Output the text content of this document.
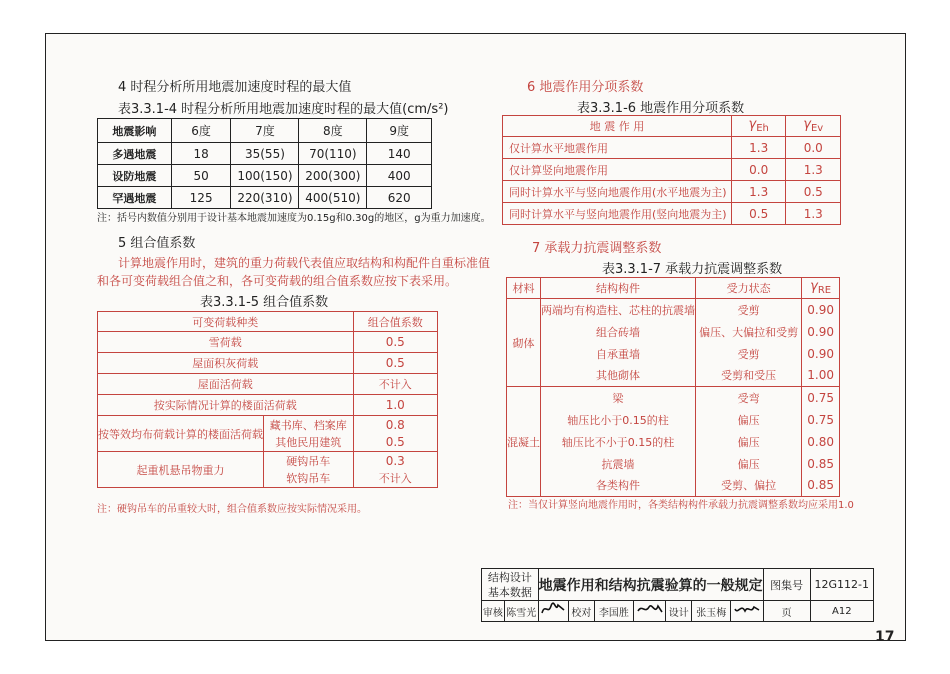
4 时程分析所用地震加速度时程的最大值
表3.3.1-4 时程分析所用地震加速度时程的最大值(cm/s²)
地震影响	6度	7度	8度	9度
多遇地震	18	35(55)	70(110)	140
设防地震	50	100(150)	200(300)	400
罕遇地震	125	220(310)	400(510)	620
注：括号内数值分别用于设计基本地震加速度为0.15g和0.30g的地区，g为重力加速度。
5 组合值系数
计算地震作用时，建筑的重力荷载代表值应取结构和构配件自重标准值
和各可变荷载组合值之和，各可变荷载的组合值系数应按下表采用。
表3.3.1-5 组合值系数
可变荷载种类		组合值系数
雪荷载		0.5
屋面积灰荷载		0.5
屋面活荷载		不计入
按实际情况计算的楼面活荷载		1.0
按等效均布荷载计算的楼面活荷载	藏书库、档案库	0.8
	其他民用建筑	0.5
起重机悬吊物重力	硬钩吊车	0.3
	软钩吊车	不计入
注：硬钩吊车的吊重较大时，组合值系数应按实际情况采用。
6 地震作用分项系数
表3.3.1-6 地震作用分项系数
地 震 作 用	$\gamma_{Eh}$	$\gamma_{Ev}$
仅计算水平地震作用	1.3	0.0
仅计算竖向地震作用	0.0	1.3
同时计算水平与竖向地震作用(水平地震为主)	1.3	0.5
同时计算水平与竖向地震作用(竖向地震为主)	0.5	1.3
7 承载力抗震调整系数
表3.3.1-7 承载力抗震调整系数
材料	结构构件	受力状态	$\gamma_{RE}$
砌体	两端均有构造柱、芯柱的抗震墙	受剪	0.90
	组合砖墙	偏压、大偏拉和受剪	0.90
	自承重墙	受剪	0.90
	其他砌体	受剪和受压	1.00
混凝土	梁	受弯	0.75
	轴压比小于0.15的柱	偏压	0.75
	轴压比不小于0.15的柱	偏压	0.80
	抗震墙	偏压	0.85
	各类构件	受剪、偏拉	0.85
注：当仅计算竖向地震作用时，各类结构构件承载力抗震调整系数均应采用1.0
结构设计
基本数据		地震作用和结构抗震验算的一般规定							图集号	12G112-1
审核	陈雪光		校对	李国胜		设计	张玉梅		页	A12
17
